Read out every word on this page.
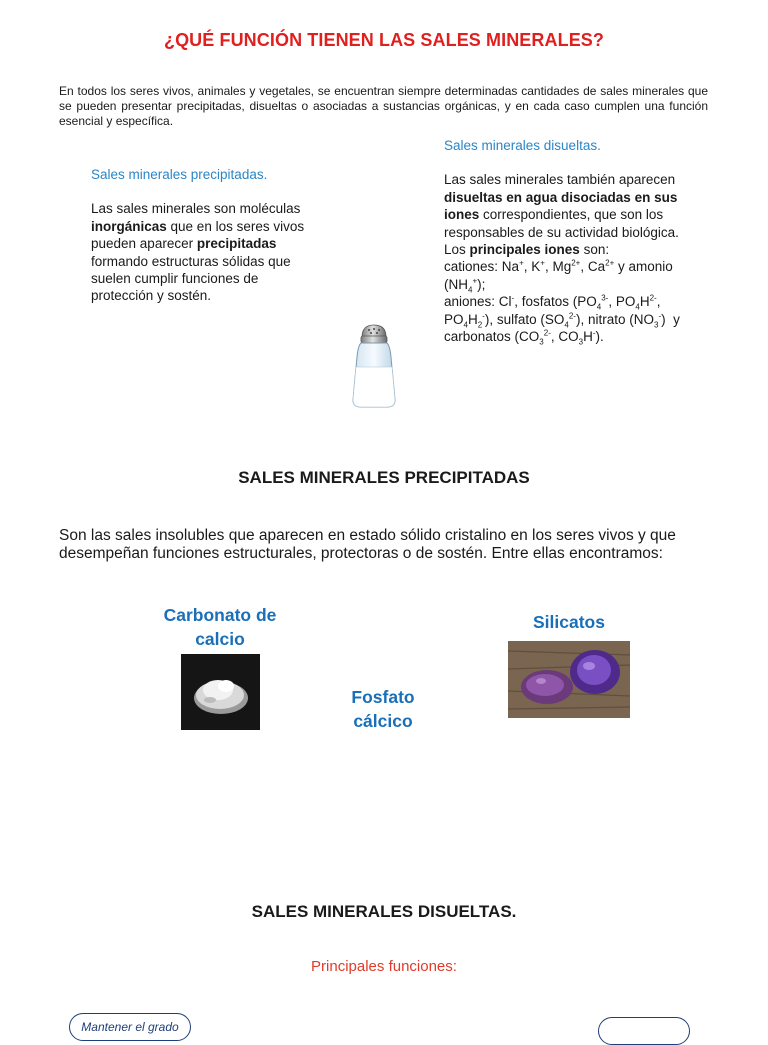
¿QUÉ FUNCIÓN TIENEN LAS SALES MINERALES?
En todos los seres vivos, animales y vegetales, se encuentran siempre determinadas cantidades de sales minerales que se pueden presentar precipitadas, disueltas o asociadas a sustancias orgánicas, y en cada caso cumplen una función esencial y específica.

Sales minerales precipitadas.

Las sales minerales son moléculas inorgánicas que en los seres vivos pueden aparecer precipitadas formando estructuras sólidas que suelen cumplir funciones de protección y sostén.

Sales minerales disueltas.

Las sales minerales también aparecen disueltas en agua disociadas en sus iones correspondientes, que son los responsables de su actividad biológica.

Los principales iones son:
cationes: Na+, K+, $Mg^{2+}$, $Ca^{2+}$ y amonio
$(NH_4^+)$;
aniones: Cl-, fosfatos ($PO_4^{3-}$, $PO_4H^{2-}$,
$PO_4H_2^-$), sulfato $(SO_4^{2-})$, nitrato $(NO_3^-)$  y
carbonatos ($CO_3^{2-}$, $CO_3H^-$).

SALES MINERALES PRECIPITADAS
Son las sales insolubles que aparecen en estado sólido cristalino en los seres vivos y que desempeñan funciones estructurales, protectoras o de sostén. Entre ellas encontramos:
Carbonato de calcio
Fosfato cálcico
Silicatos
SALES MINERALES DISUELTAS.
Principales funciones:
Mantener el grado
